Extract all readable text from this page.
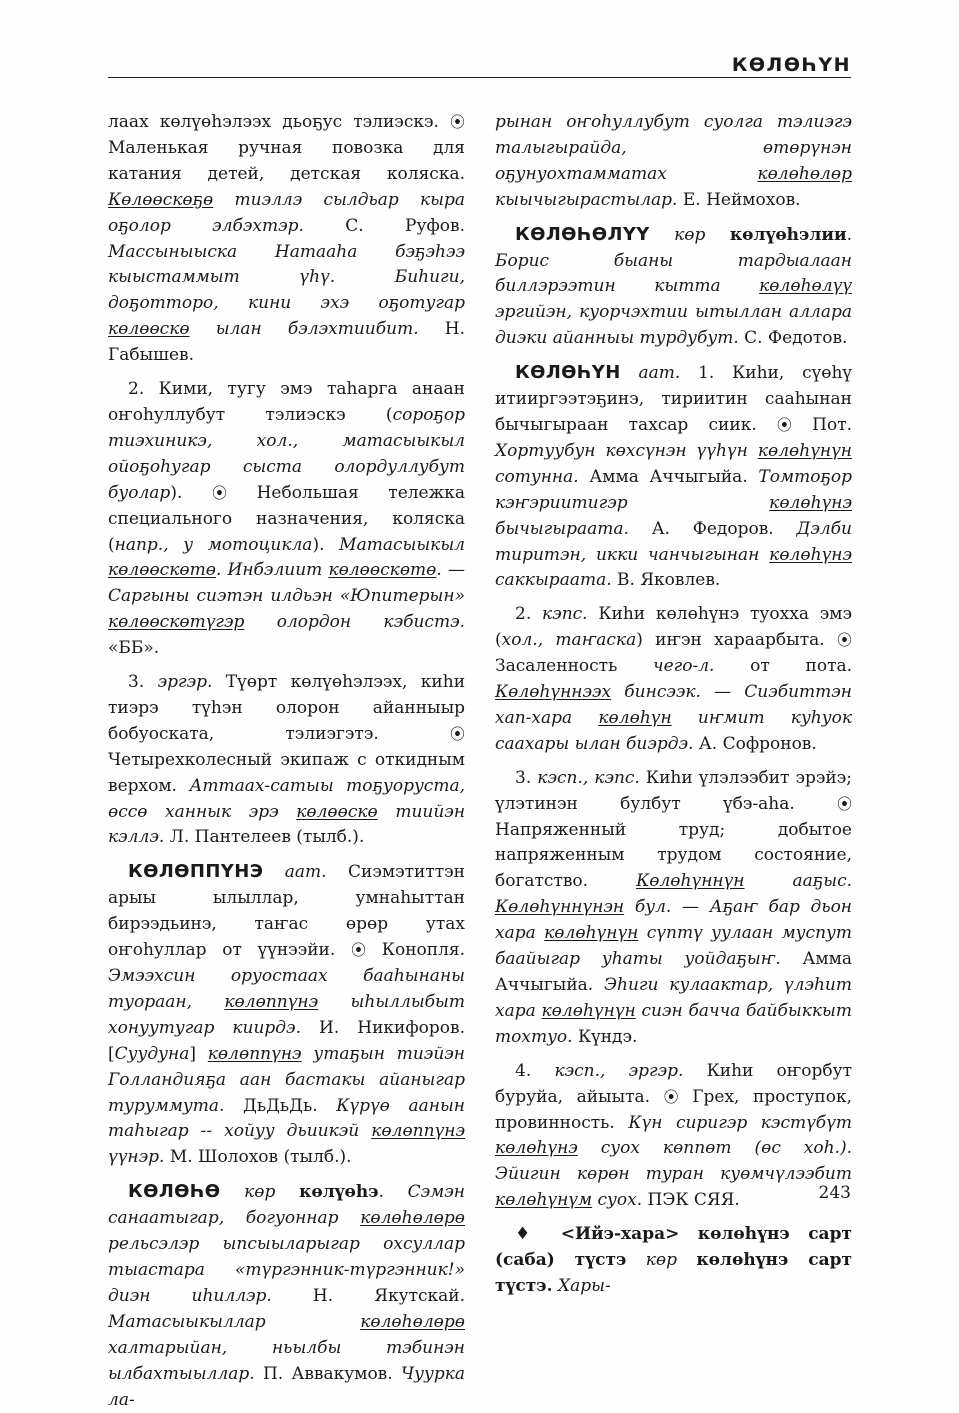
КӨЛӨҺҮН

лаах көлүөһэлээх дьоҕус тэлиэскэ. ⦿ Маленькая ручная повозка для катания детей, детская коляска. Көлөөскөҕө тиэллэ сылдьар кыра оҕолор элбэхтэр. С. Руфов. Массыныыска Натааһа бэҕэһээ кыыстаммыт үһү. Биһиги, доҕотторо, кини эхэ оҕотугар көлөөскө ылан бэлэхтиибит. Н. Габышев.

2. Кими, тугу эмэ таһарга анаан оҥоһуллубут тэлиэскэ (сороҕор тиэхиникэ, хол., матасыыкыл ойоҕоһугар сыста олордуллубут буолар). ⦿ Небольшая тележка специального назначения, коляска (напр., у мотоцикла). Матасыыкыл көлөөскөтө. Инбэлиит көлөөскөтө. — Саргыны сиэтэн илдьэн «Юпитерын» көлөөскөтүгэр олордон кэбистэ. «ББ».

3. эргэр. Түөрт көлүөһэлээх, киһи тиэрэ түһэн олорон айанныыр бобуоската, тэлиэгэтэ.	⦿ Четырехколесный экипаж с откидным верхом. Аттаах-сатыы тоҕуоруста, өссө ханнык эрэ көлөөскө тиийэн кэллэ. Л. Пантелеев (тылб.).

КӨЛӨППҮНЭ аат. Сиэмэтиттэн арыы ылыллар, умнаһыттан бирээдьинэ, таҥас өрөр утах оҥоһуллар от үүнээйи. ⦿ Конопля. Эмээхсин оруостаах бааһынаны туораан, көлөппүнэ ыһыллыбыт хонуутугар киирдэ. И. Никифоров. [Суудуна] көлөппүнэ утаҕын тиэйэн Голландияҕа аан бастакы айаныгар туруммута. ДьДьДь. Күрүө аанын таһыгар -- хойуу дьиикэй көлөппүнэ үүнэр. М. Шолохов (тылб.).

КӨЛӨҺӨ көр көлүөһэ. Сэмэн санаатыгар, богуоннар көлөһөлөрө рельсэлэр ыпсыыларыгар охсуллар тыастара «түргэнник-түргэнник!» диэн иһиллэр. Н. Якутскай. Матасыыкыллар	көлөһөлөрө халтарыйан, ньылбы тэбинэн ылбахтыыллар. П. Аввакумов. Чуурка ла-

рынан оҥоһуллубут суолга тэлиэгэ талыгырайда, өтөрүнэн оҕунуохтамматах	көлөһөлөр кыычыгырастылар. Е. Неймохов.

КӨЛӨҺӨЛҮҮ көр көлүөһэлии. Борис быаны тардыалаан биллэрээтин кытта көлөһөлүү эргийэн, куорчэхтии ытыллан аллара диэки айанныы турдубут. С. Федотов.

КӨЛӨҺҮН аат. 1. Киһи, сүөһү итииргээтэҕинэ, тириитин сааһынан бычыгыраан тахсар сиик. ⦿ Пот. Хортуубун көхсүнэн үүһүн көлөһүнүн сотунна. Амма Аччыгыйа. Томтоҕор кэҥэриитигэр	көлөһүнэ бычыгыраата. А. Федоров. Дэлби тиритэн, икки чанчыгынан көлөһүнэ саккыраата. В. Яковлев.

2. кэпс. Киһи көлөһүнэ туохха эмэ (хол., таҥаска) иҥэн хараарбыта. ⦿ Засаленность чего-л. от пота. Көлөһүннээх бинсээк. — Сиэбиттэн хап-хара көлөһүн иҥмит куһуок саахары ылан биэрдэ. А. Софронов.

3. кэсп., кэпс. Киһи үлэлээбит эрэйэ; үлэтинэн булбут үбэ-аһа.	⦿ Напряженный труд; добытое напряженным трудом состояние, богатство.	Көлөһүннүн	ааҕыс. Көлөһүннүнэн бул. — Аҕаҥ бар дьон хара көлөһүнүн сүптү уулаан муспут баайыгар уһаты уойдаҕыҥ. Амма Аччыгыйа. Эһиги кулаактар, үлэһит хара көлөһүнүн сиэн бачча байбыккыт тохтуо. Күндэ.

4. кэсп., эргэр. Киһи оҥорбут буруйа, айыыта. ⦿ Грех, проступок, провинность. Күн сиригэр кэстүбүт көлөһүнэ суох көппөт (өс хоһ.). Эйигин көрөн туран куөмчүлээбит көлөһүнүм суох. ПЭК СЯЯ.

♦ <Ийэ-хара> көлөһүнэ сарт (саба) түстэ көр көлөһүнэ сарт түстэ. Хары-

243
